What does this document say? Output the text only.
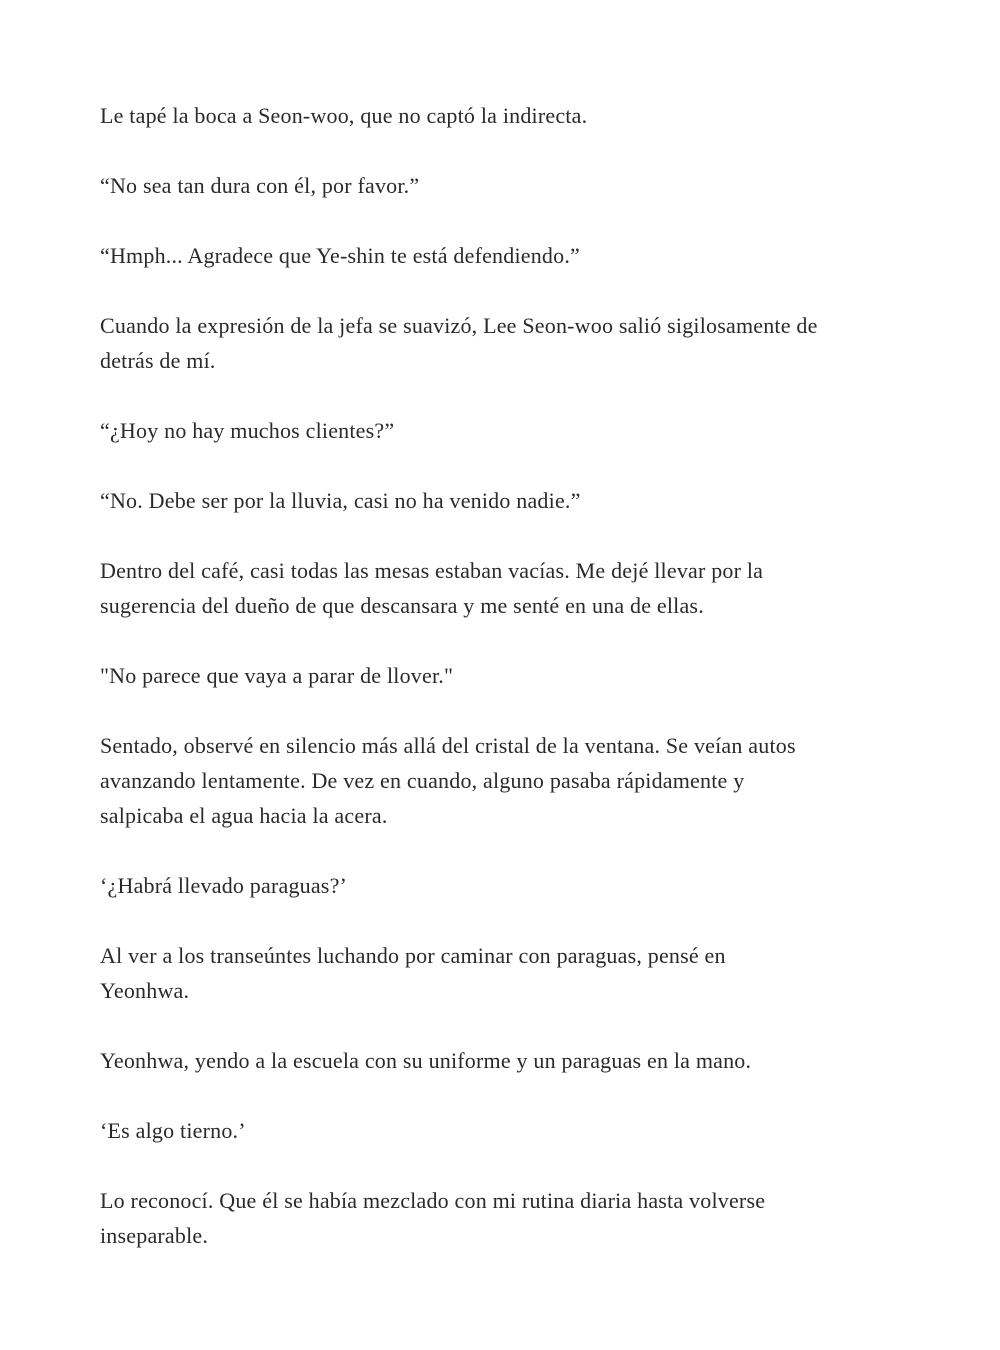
Le tapé la boca a Seon-woo, que no captó la indirecta.

“No sea tan dura con él, por favor.”

“Hmph... Agradece que Ye-shin te está defendiendo.”

Cuando la expresión de la jefa se suavizó, Lee Seon-woo salió sigilosamente de
detrás de mí.

“¿Hoy no hay muchos clientes?”

“No. Debe ser por la lluvia, casi no ha venido nadie.”

Dentro del café, casi todas las mesas estaban vacías. Me dejé llevar por la
sugerencia del dueño de que descansara y me senté en una de ellas.

"No parece que vaya a parar de llover."

Sentado, observé en silencio más allá del cristal de la ventana. Se veían autos
avanzando lentamente. De vez en cuando, alguno pasaba rápidamente y
salpicaba el agua hacia la acera.

‘¿Habrá llevado paraguas?’

Al ver a los transeúntes luchando por caminar con paraguas, pensé en
Yeonhwa.

Yeonhwa, yendo a la escuela con su uniforme y un paraguas en la mano.

‘Es algo tierno.’

Lo reconocí. Que él se había mezclado con mi rutina diaria hasta volverse
inseparable.
